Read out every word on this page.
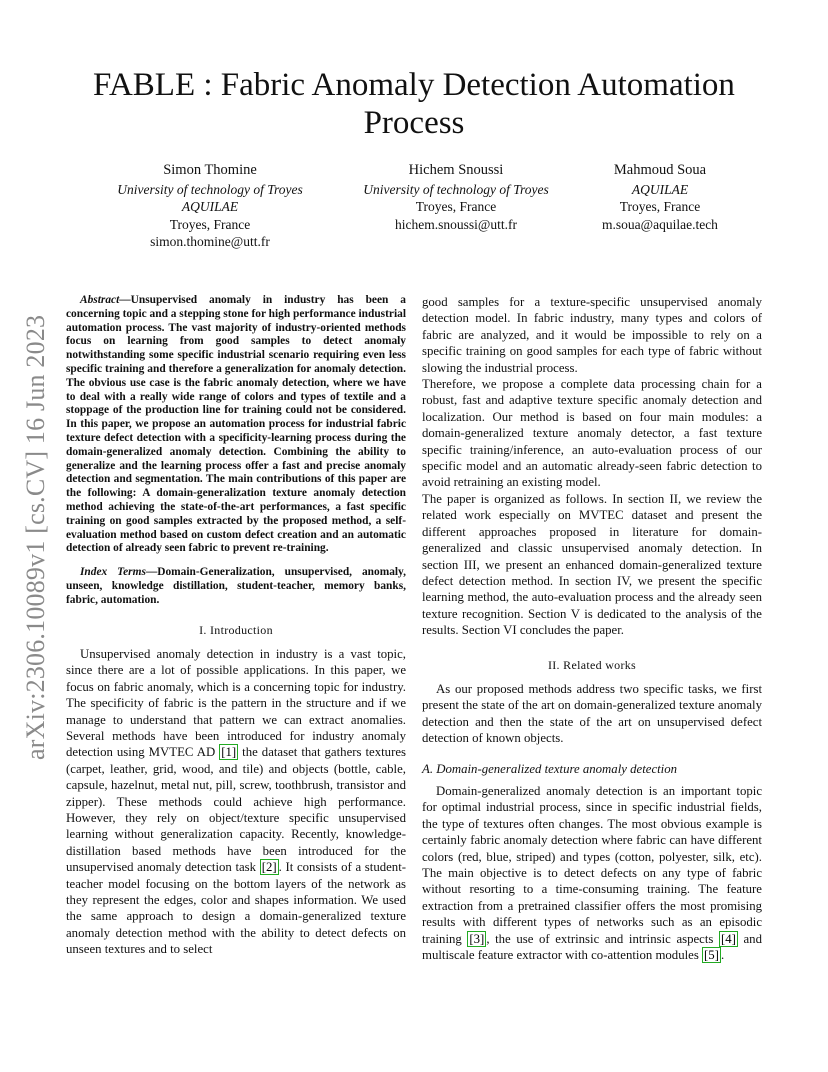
arXiv:2306.10089v1 [cs.CV] 16 Jun 2023
FABLE : Fabric Anomaly Detection Automation Process
Simon Thomine
University of technology of Troyes
AQUILAE
Troyes, France
simon.thomine@utt.fr
Hichem Snoussi
University of technology of Troyes
Troyes, France
hichem.snoussi@utt.fr
Mahmoud Soua
AQUILAE
Troyes, France
m.soua@aquilae.tech

Abstract—Unsupervised anomaly in industry has been a concerning topic and a stepping stone for high performance industrial automation process. The vast majority of industry-oriented methods focus on learning from good samples to detect anomaly notwithstanding some specific industrial scenario requiring even less specific training and therefore a generalization for anomaly detection. The obvious use case is the fabric anomaly detection, where we have to deal with a really wide range of colors and types of textile and a stoppage of the production line for training could not be considered. In this paper, we propose an automation process for industrial fabric texture defect detection with a specificity-learning process during the domain-generalized anomaly detection. Combining the ability to generalize and the learning process offer a fast and precise anomaly detection and segmentation. The main contributions of this paper are the following: A domain-generalization texture anomaly detection method achieving the state-of-the-art performances, a fast specific training on good samples extracted by the proposed method, a self-evaluation method based on custom defect creation and an automatic detection of already seen fabric to prevent re-training.

Index Terms—Domain-Generalization, unsupervised, anomaly, unseen, knowledge distillation, student-teacher, memory banks, fabric, automation.

I. Introduction

Unsupervised anomaly detection in industry is a vast topic, since there are a lot of possible applications. In this paper, we focus on fabric anomaly, which is a concerning topic for industry. The specificity of fabric is the pattern in the structure and if we manage to understand that pattern we can extract anomalies. Several methods have been introduced for industry anomaly detection using MVTEC AD [1] the dataset that gathers textures (carpet, leather, grid, wood, and tile) and objects (bottle, cable, capsule, hazelnut, metal nut, pill, screw, toothbrush, transistor and zipper). These methods could achieve high performance. However, they rely on object/texture specific unsupervised learning without generalization capacity. Recently, knowledge-distillation based methods have been introduced for the unsupervised anomaly detection task [2] . It consists of a student-teacher model focusing on the bottom layers of the network as they represent the edges, color and shapes information. We used the same approach to design a domain-generalized texture anomaly detection method with the ability to detect defects on unseen textures and to select

good samples for a texture-specific unsupervised anomaly detection model. In fabric industry, many types and colors of fabric are analyzed, and it would be impossible to rely on a specific training on good samples for each type of fabric without slowing the industrial process.

Therefore, we propose a complete data processing chain for a robust, fast and adaptive texture specific anomaly detection and localization. Our method is based on four main modules: a domain-generalized texture anomaly detector, a fast texture specific training/inference, an auto-evaluation process of our specific model and an automatic already-seen fabric detection to avoid retraining an existing model.

The paper is organized as follows. In section II, we review the related work especially on MVTEC dataset and present the different approaches proposed in literature for domain-generalized and classic unsupervised anomaly detection. In section III, we present an enhanced domain-generalized texture defect detection method. In section IV, we present the specific learning method, the auto-evaluation process and the already seen texture recognition. Section V is dedicated to the analysis of the results. Section VI concludes the paper.

II. Related works

As our proposed methods address two specific tasks, we first present the state of the art on domain-generalized texture anomaly detection and then the state of the art on unsupervised defect detection of known objects.

A. Domain-generalized texture anomaly detection

Domain-generalized anomaly detection is an important topic for optimal industrial process, since in specific industrial fields, the type of textures often changes. The most obvious example is certainly fabric anomaly detection where fabric can have different colors (red, blue, striped) and types (cotton, polyester, silk, etc). The main objective is to detect defects on any type of fabric without resorting to a time-consuming training. The feature extraction from a pretrained classifier offers the most promising results with different types of networks such as an episodic training [3] , the use of extrinsic and intrinsic aspects [4] and multiscale feature extractor with co-attention modules [5] .
